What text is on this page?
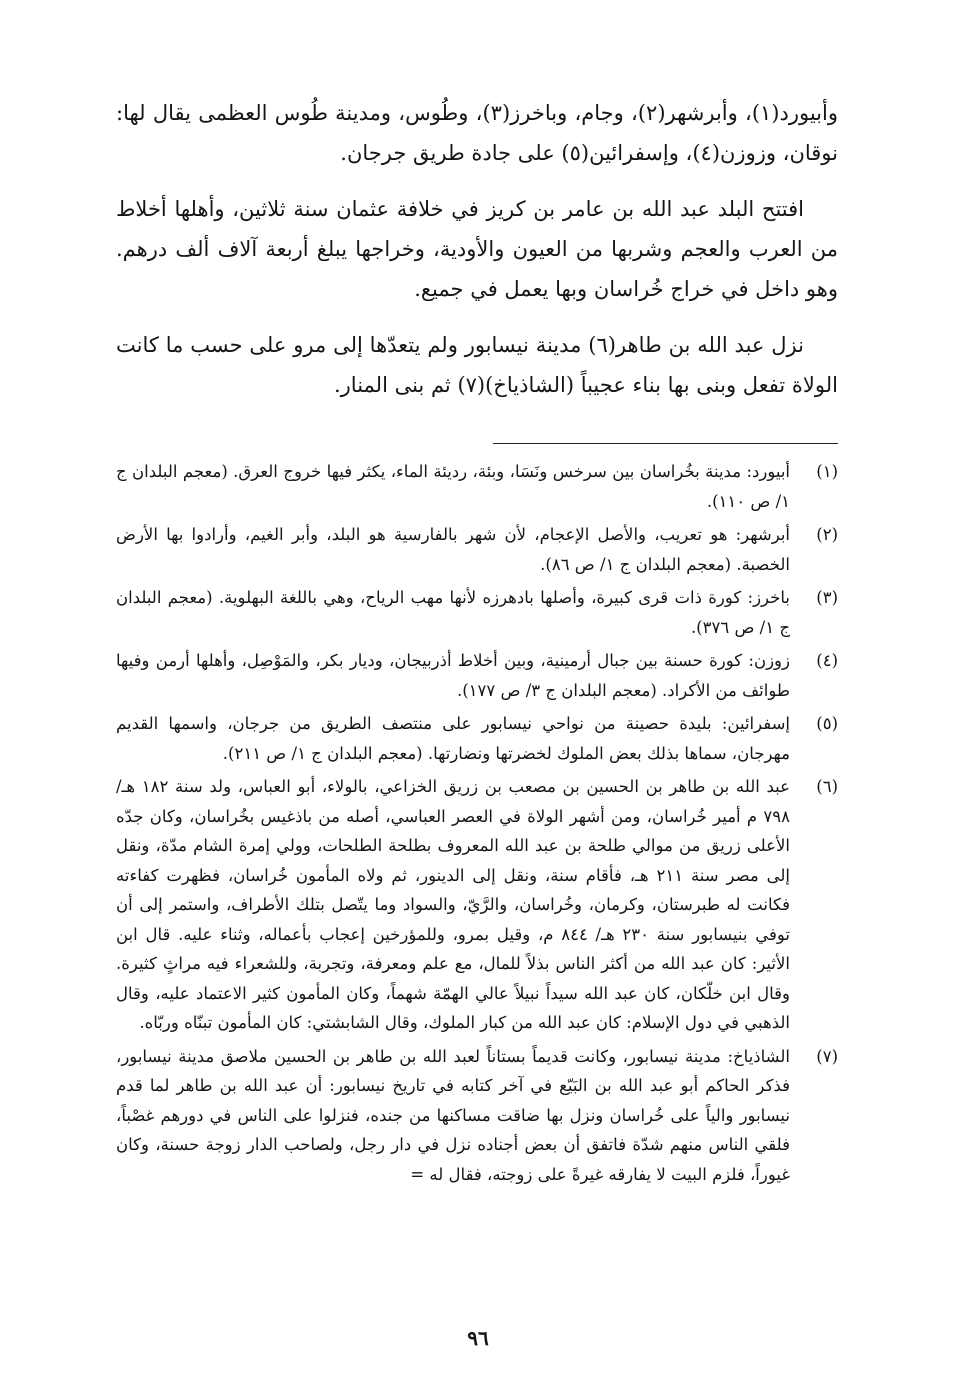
وأبيورد(١)، وأبرشهر(٢)، وجام، وباخرز(٣)، وطُوس، ومدينة طُوس العظمى يقال لها: نوقان، وزوزن(٤)، وإسفرائين(٥) على جادة طريق جرجان.

افتتح البلد عبد الله بن عامر بن كريز في خلافة عثمان سنة ثلاثين، وأهلها أخلاط من العرب والعجم وشربها من العيون والأودية، وخراجها يبلغ أربعة آلاف ألف درهم. وهو داخل في خراج خُراسان وبها يعمل في جميع.

نزل عبد الله بن طاهر(٦) مدينة نيسابور ولم يتعدّها إلى مرو على حسب ما كانت الولاة تفعل وبنى بها بناء عجيباً (الشاذياخ)(٧) ثم بنى المنار.

(١)
أبيورد: مدينة بخُراسان بين سرخس ونَسَا، وبئة، رديئة الماء، يكثر فيها خروج العرق. (معجم البلدان ج ١/ ص ١١٠).
(٢)
أبرشهر: هو تعريب، والأصل الإعجام، لأن شهر بالفارسية هو البلد، وأبر الغيم، وأرادوا بها الأرض الخصبة. (معجم البلدان ج ١/ ص ٨٦).
(٣)
باخرز: كورة ذات قرى كبيرة، وأصلها بادهرزه لأنها مهب الرياح، وهي باللغة البهلوية. (معجم البلدان ج ١/ ص ٣٧٦).
(٤)
زوزن: كورة حسنة بين جبال أرمينية، وبين أخلاط أذربيجان، وديار بكر، والمَوْصِل، وأهلها أرمن وفيها طوائف من الأكراد. (معجم البلدان ج ٣/ ص ١٧٧).
(٥)
إسفرائين: بليدة حصينة من نواحي نيسابور على منتصف الطريق من جرجان، واسمها القديم مهرجان، سماها بذلك بعض الملوك لخضرتها ونضارتها. (معجم البلدان ج ١/ ص ٢١١).
(٦)
عبد الله بن طاهر بن الحسين بن مصعب بن زريق الخزاعي، بالولاء، أبو العباس، ولد سنة ١٨٢ هـ/ ٧٩٨ م أمير خُراسان، ومن أشهر الولاة في العصر العباسي، أصله من باذغيس بخُراسان، وكان جدّه الأعلى زريق من موالي طلحة بن عبد الله المعروف بطلحة الطلحات، وولي إمرة الشام مدّة، ونقل إلى مصر سنة ٢١١ هـ، فأقام سنة، ونقل إلى الدينور، ثم ولاه المأمون خُراسان، فظهرت كفاءته فكانت له طبرستان، وكرمان، وخُراسان، والرَّيّ، والسواد وما يتّصل بتلك الأطراف، واستمر إلى أن توفي بنيسابور سنة ٢٣٠ هـ/ ٨٤٤ م، وقيل بمرو، وللمؤرخين إعجاب بأعماله، وثناء عليه. قال ابن الأثير: كان عبد الله من أكثر الناس بذلاً للمال، مع علم ومعرفة، وتجربة، وللشعراء فيه مراثٍ كثيرة. وقال ابن خلّكان، كان عبد الله سيداً نبيلاً عالي الهمّة شهماً، وكان المأمون كثير الاعتماد عليه، وقال الذهبي في دول الإسلام: كان عبد الله من كبار الملوك، وقال الشابشتي: كان المأمون تبنّاه وربّاه.
(٧)
الشاذياخ: مدينة نيسابور، وكانت قديماً بستاناً لعبد الله بن طاهر بن الحسين ملاصق مدينة نيسابور، فذكر الحاكم أبو عبد الله بن البَيّع في آخر كتابه في تاريخ نيسابور: أن عبد الله بن طاهر لما قدم نيسابور والياً على خُراسان ونزل بها ضاقت مساكنها من جنده، فنزلوا على الناس في دورهم غصْباً، فلقي الناس منهم شدّة فاتفق أن بعض أجناده نزل في دار رجل، ولصاحب الدار زوجة حسنة، وكان غيوراً، فلزم البيت لا يفارقه غيرةً على زوجته، فقال له =
٩٦
